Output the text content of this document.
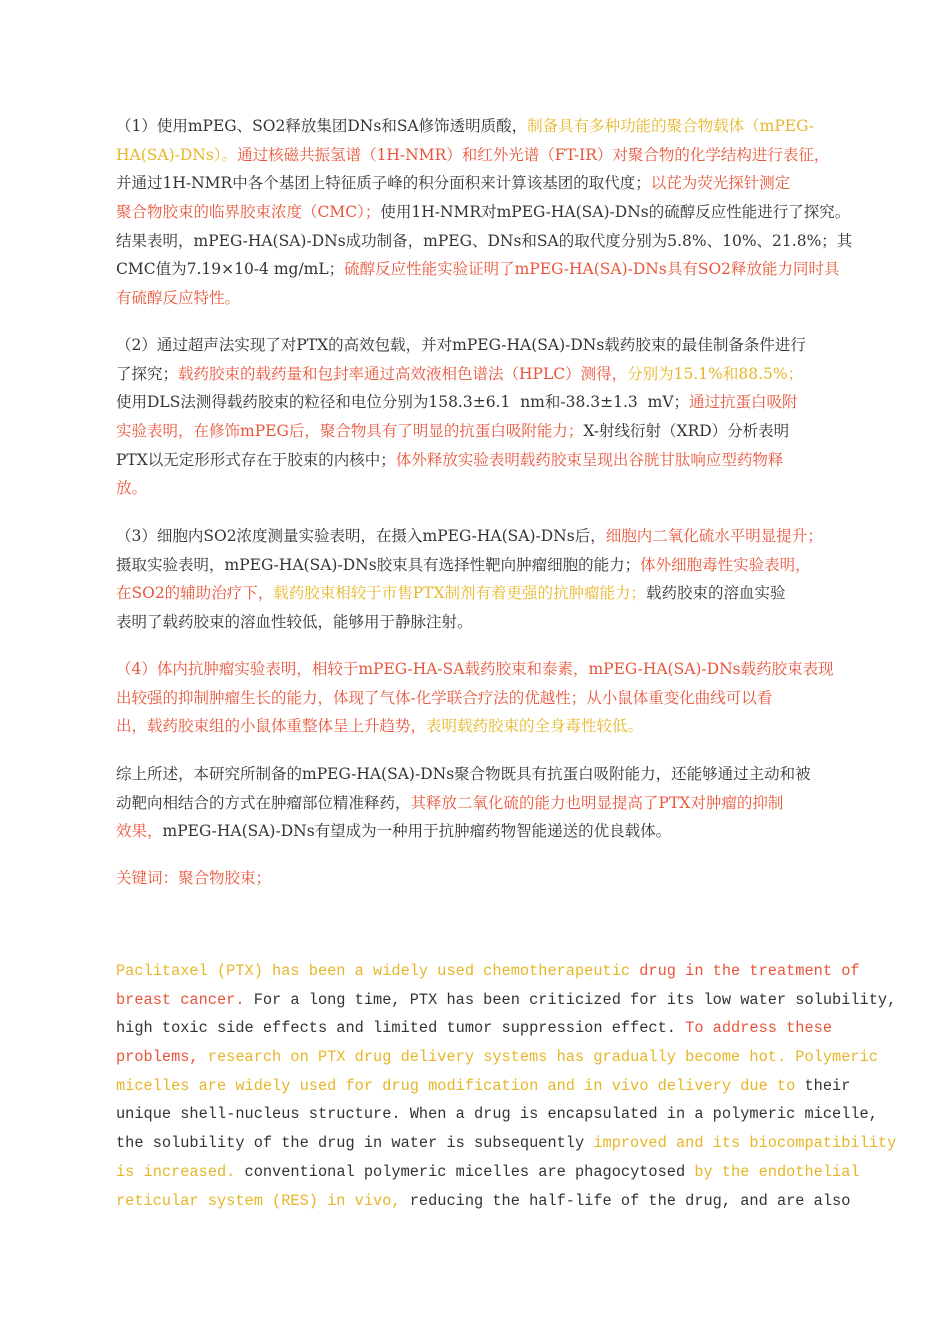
（1）使用mPEG、SO2释放集团DNs和SA修饰透明质酸，制备具有多种功能的聚合物载体（mPEG-
HA(SA)-DNs）。通过核磁共振氢谱（1H-NMR）和红外光谱（FT-IR）对聚合物的化学结构进行表征，
并通过1H-NMR中各个基团上特征质子峰的积分面积来计算该基团的取代度；以芘为荧光探针测定
聚合物胶束的临界胶束浓度（CMC）；使用1H-NMR对mPEG-HA(SA)-DNs的硫醇反应性能进行了探究。
结果表明，mPEG-HA(SA)-DNs成功制备，mPEG、DNs和SA的取代度分别为5.8%、10%、21.8%；其
CMC值为7.19×10-4 mg/mL；硫醇反应性能实验证明了mPEG-HA(SA)-DNs具有SO2释放能力同时具
有硫醇反应特性。
（2）通过超声法实现了对PTX的高效包载，并对mPEG-HA(SA)-DNs载药胶束的最佳制备条件进行
了探究；载药胶束的载药量和包封率通过高效液相色谱法（HPLC）测得，分别为15.1%和88.5%；
使用DLS法测得载药胶束的粒径和电位分别为158.3±6.1  nm和-38.3±1.3  mV；通过抗蛋白吸附
实验表明，在修饰mPEG后，聚合物具有了明显的抗蛋白吸附能力；X-射线衍射（XRD）分析表明
PTX以无定形形式存在于胶束的内核中；体外释放实验表明载药胶束呈现出谷胱甘肽响应型药物释
放。
（3）细胞内SO2浓度测量实验表明，在摄入mPEG-HA(SA)-DNs后，细胞内二氧化硫水平明显提升；
摄取实验表明，mPEG-HA(SA)-DNs胶束具有选择性靶向肿瘤细胞的能力；体外细胞毒性实验表明，
在SO2的辅助治疗下，载药胶束相较于市售PTX制剂有着更强的抗肿瘤能力；载药胶束的溶血实验
表明了载药胶束的溶血性较低，能够用于静脉注射。
（4）体内抗肿瘤实验表明，相较于mPEG-HA-SA载药胶束和泰素，mPEG-HA(SA)-DNs载药胶束表现
出较强的抑制肿瘤生长的能力，体现了气体-化学联合疗法的优越性；从小鼠体重变化曲线可以看
出，载药胶束组的小鼠体重整体呈上升趋势，表明载药胶束的全身毒性较低。
综上所述，本研究所制备的mPEG-HA(SA)-DNs聚合物既具有抗蛋白吸附能力，还能够通过主动和被
动靶向相结合的方式在肿瘤部位精准释药，其释放二氧化硫的能力也明显提高了PTX对肿瘤的抑制
效果，mPEG-HA(SA)-DNs有望成为一种用于抗肿瘤药物智能递送的优良载体。
关键词：聚合物胶束；
Paclitaxel (PTX) has been a widely used chemotherapeutic drug in the treatment of
breast cancer. For a long time, PTX has been criticized for its low water solubility,
high toxic side effects and limited tumor suppression effect. To address these
problems, research on PTX drug delivery systems has gradually become hot. Polymeric
micelles are widely used for drug modification and in vivo delivery due to their
unique shell-nucleus structure. When a drug is encapsulated in a polymeric micelle,
the solubility of the drug in water is subsequently improved and its biocompatibility
is increased. conventional polymeric micelles are phagocytosed by the endothelial
reticular system (RES) in vivo, reducing the half-life of the drug, and are also
